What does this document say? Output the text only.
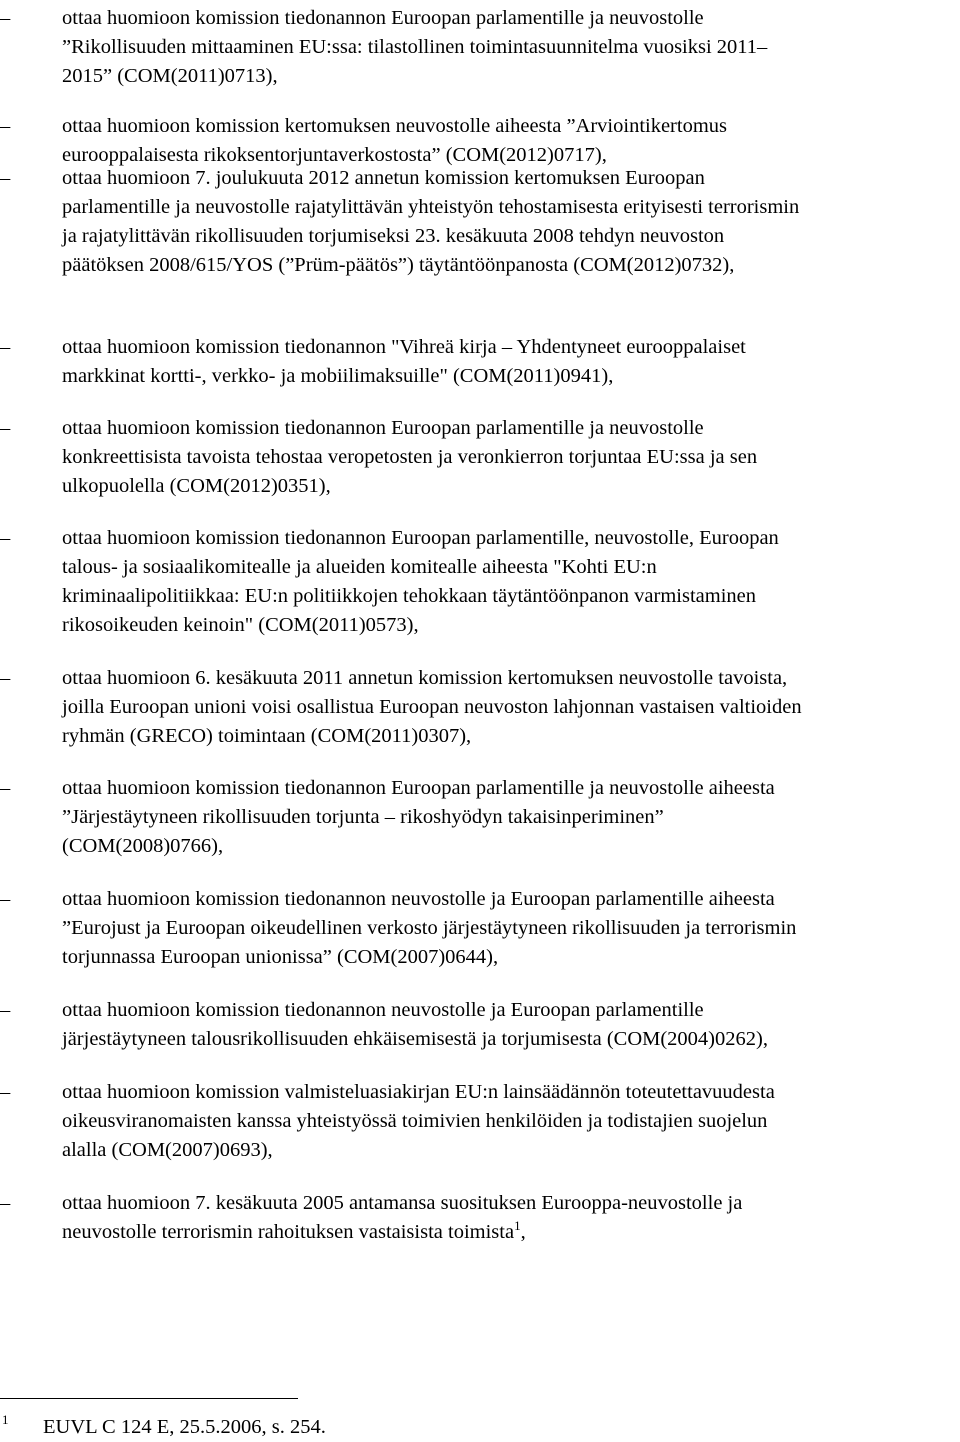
–	ottaa huomioon komission tiedonannon Euroopan parlamentille ja neuvostolle
”Rikollisuuden mittaaminen EU:ssa: tilastollinen toimintasuunnitelma vuosiksi 2011–
2015” (COM(2011)0713),
–	ottaa huomioon komission kertomuksen neuvostolle aiheesta ”Arviointikertomus
eurooppalaisesta rikoksentorjuntaverkostosta” (COM(2012)0717),
–	ottaa huomioon 7. joulukuuta 2012 annetun komission kertomuksen Euroopan
parlamentille ja neuvostolle rajatylittävän yhteistyön tehostamisesta erityisesti terrorismin
ja rajatylittävän rikollisuuden torjumiseksi 23. kesäkuuta 2008 tehdyn neuvoston
päätöksen 2008/615/YOS (”Prüm-päätös”) täytäntöönpanosta (COM(2012)0732),
–	ottaa huomioon komission tiedonannon "Vihreä kirja – Yhdentyneet eurooppalaiset
markkinat kortti-, verkko- ja mobiilimaksuille" (COM(2011)0941),
–	ottaa huomioon komission tiedonannon Euroopan parlamentille ja neuvostolle
konkreettisista tavoista tehostaa veropetosten ja veronkierron torjuntaa EU:ssa ja sen
ulkopuolella (COM(2012)0351),
–	ottaa huomioon komission tiedonannon Euroopan parlamentille, neuvostolle, Euroopan
talous- ja sosiaalikomitealle ja alueiden komitealle aiheesta "Kohti EU:n
kriminaalipolitiikkaa: EU:n politiikkojen tehokkaan täytäntöönpanon varmistaminen
rikosoikeuden keinoin" (COM(2011)0573),
–	ottaa huomioon 6. kesäkuuta 2011 annetun komission kertomuksen neuvostolle tavoista,
joilla Euroopan unioni voisi osallistua Euroopan neuvoston lahjonnan vastaisen valtioiden
ryhmän (GRECO) toimintaan (COM(2011)0307),
–	ottaa huomioon komission tiedonannon Euroopan parlamentille ja neuvostolle aiheesta
”Järjestäytyneen rikollisuuden torjunta – rikoshyödyn takaisinperiminen”
(COM(2008)0766),
–	ottaa huomioon komission tiedonannon neuvostolle ja Euroopan parlamentille aiheesta
”Eurojust ja Euroopan oikeudellinen verkosto järjestäytyneen rikollisuuden ja terrorismin
torjunnassa Euroopan unionissa” (COM(2007)0644),
–	ottaa huomioon komission tiedonannon neuvostolle ja Euroopan parlamentille
järjestäytyneen talousrikollisuuden ehkäisemisestä ja torjumisesta (COM(2004)0262),
–	ottaa huomioon komission valmisteluasiakirjan EU:n lainsäädännön toteutettavuudesta
oikeusviranomaisten kanssa yhteistyössä toimivien henkilöiden ja todistajien suojelun
alalla (COM(2007)0693),
–	ottaa huomioon 7. kesäkuuta 2005 antamansa suosituksen Eurooppa-neuvostolle ja
neuvostolle terrorismin rahoituksen vastaisista toimista$^1$,
1 EUVL C 124 E, 25.5.2006, s. 254.
